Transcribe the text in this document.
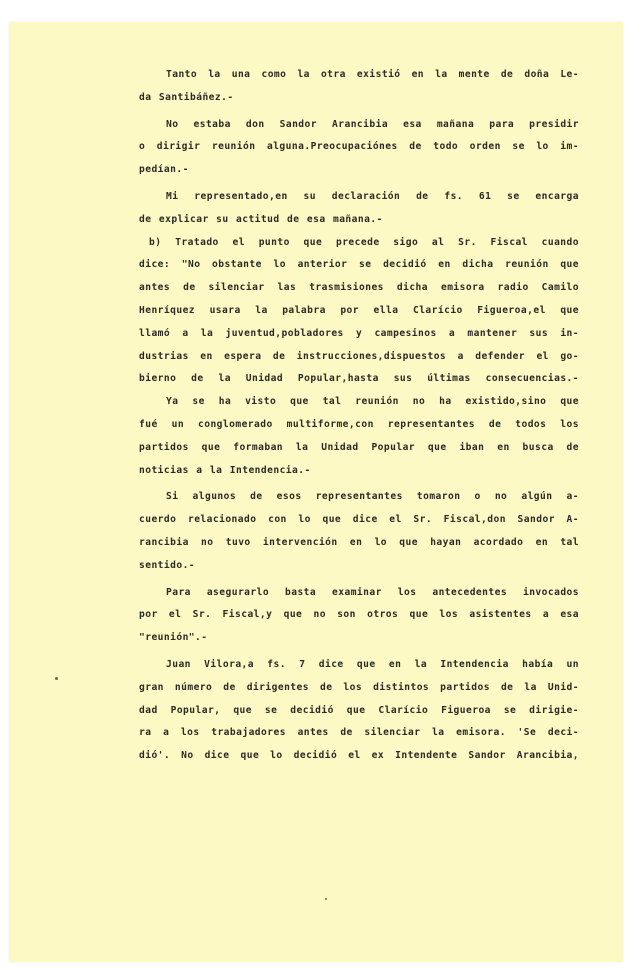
Tanto la una como la otra existió en la mente de doña Le-
da Santibáñez.-
No estaba don Sandor Arancibia esa mañana para presidir
o dirigir reunión alguna.Preocupaciónes de todo orden se lo im-
pedían.-
Mi representado,en su declaración de fs. 61 se encarga
de explicar su actitud de esa mañana.-
b) Tratado el punto que precede sigo al Sr. Fiscal cuando
dice: "No obstante lo anterior se decidió en dicha reunión que
antes de silenciar las trasmisiones dicha emisora radio Camilo
Henríquez usara la palabra por ella Clarício Figueroa,el que
llamó a la juventud,pobladores y campesinos a mantener sus in-
dustrias en espera de instrucciones,dispuestos a defender el go-
bierno de la Unidad Popular,hasta sus últimas consecuencias.-
Ya se ha visto que tal reunión no ha existido,sino que
fué un conglomerado multiforme,con representantes de todos los
partidos que formaban la Unidad Popular que iban en busca de
noticias a la Intendencia.-
Si algunos de esos representantes tomaron o no algún a-
cuerdo relacionado con lo que dice el Sr. Fiscal,don Sandor A-
rancibia no tuvo intervención en lo que hayan acordado en tal
sentido.-
Para asegurarlo basta examinar los antecedentes invocados
por el Sr. Fiscal,y que no son otros que los asistentes a esa
"reunión".-
Juan Vilora,a fs. 7 dice que en la Intendencia había un
gran número de dirigentes de los distintos partidos de la Unid-
dad Popular, que se decidió que Clarício Figueroa se dirigie-
ra a los trabajadores antes de silenciar la emisora. 'Se deci-
dió'. No dice que lo decidió el ex Intendente Sandor Arancibia,
